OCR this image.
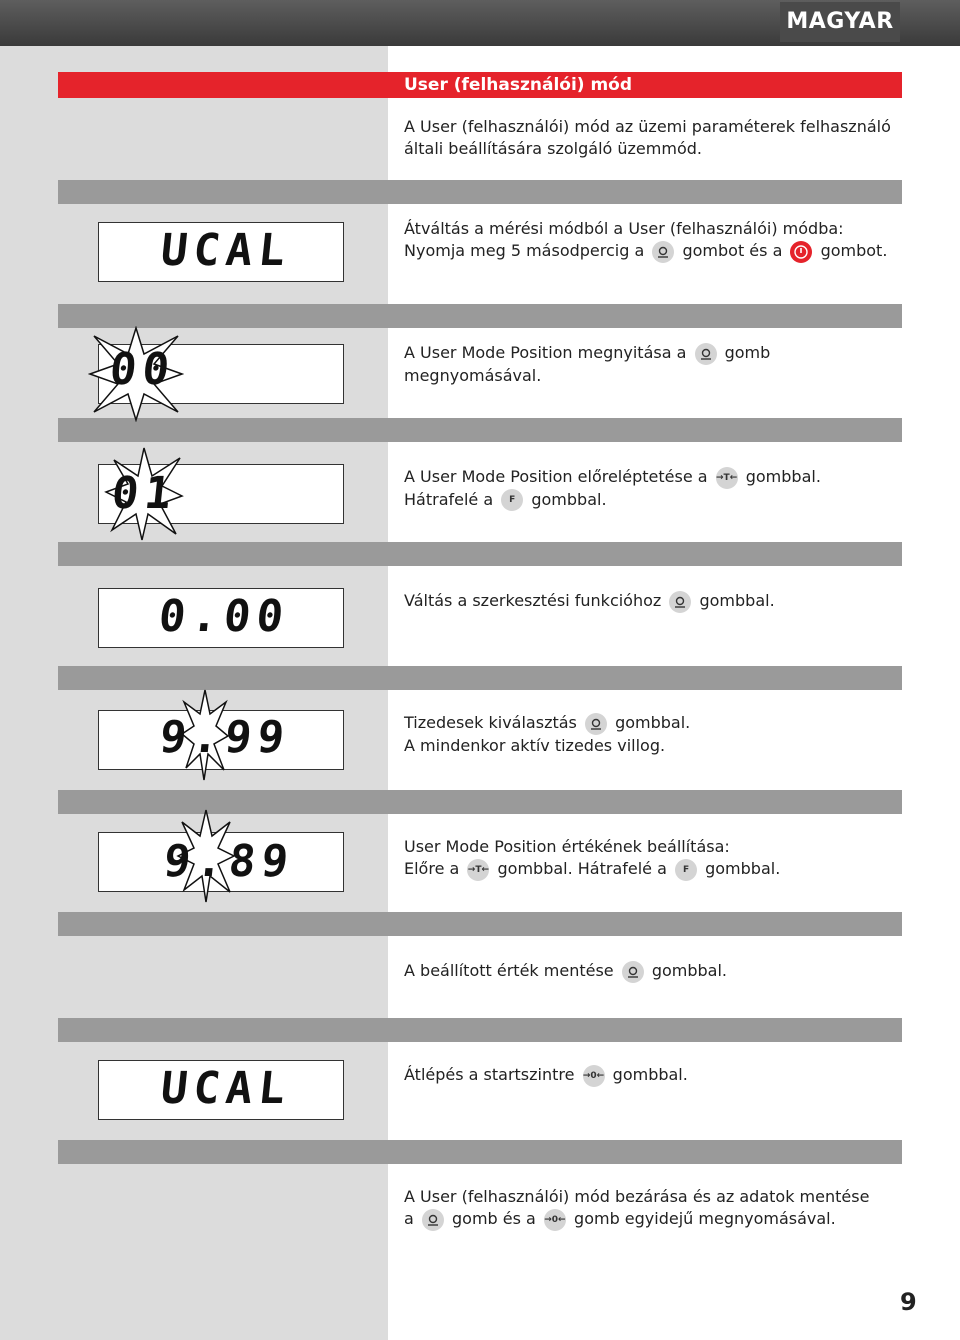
MAGYAR
User (felhasználói) mód
A User (felhasználói) mód az üzemi paraméterek felhasználó
általi beállítására szolgáló üzemmód.
UCAL	Átváltás a mérési módból a User (felhasználói) módba:
Nyomja meg 5 másodpercig a gombot és a gombot.
00	A User Mode Position megnyitása a gomb megnyomásával.
01	A User Mode Position előreléptetése a →T← gombbal.
Hátrafelé a F gombbal.
0.00	Váltás a szerkesztési funkcióhoz gombbal.
9.99	Tizedesek kiválasztás gombbal.
A mindenkor aktív tizedes villog.
9.89	User Mode Position értékének beállítása:
Előre a →T← gombbal. Hátrafelé a F gombbal.
A beállított érték mentése gombbal.
UCAL	Átlépés a startszintre →0← gombbal.
A User (felhasználói) mód bezárása és az adatok mentése
a gomb és a →0← gomb egyidejű megnyomásával.
9
